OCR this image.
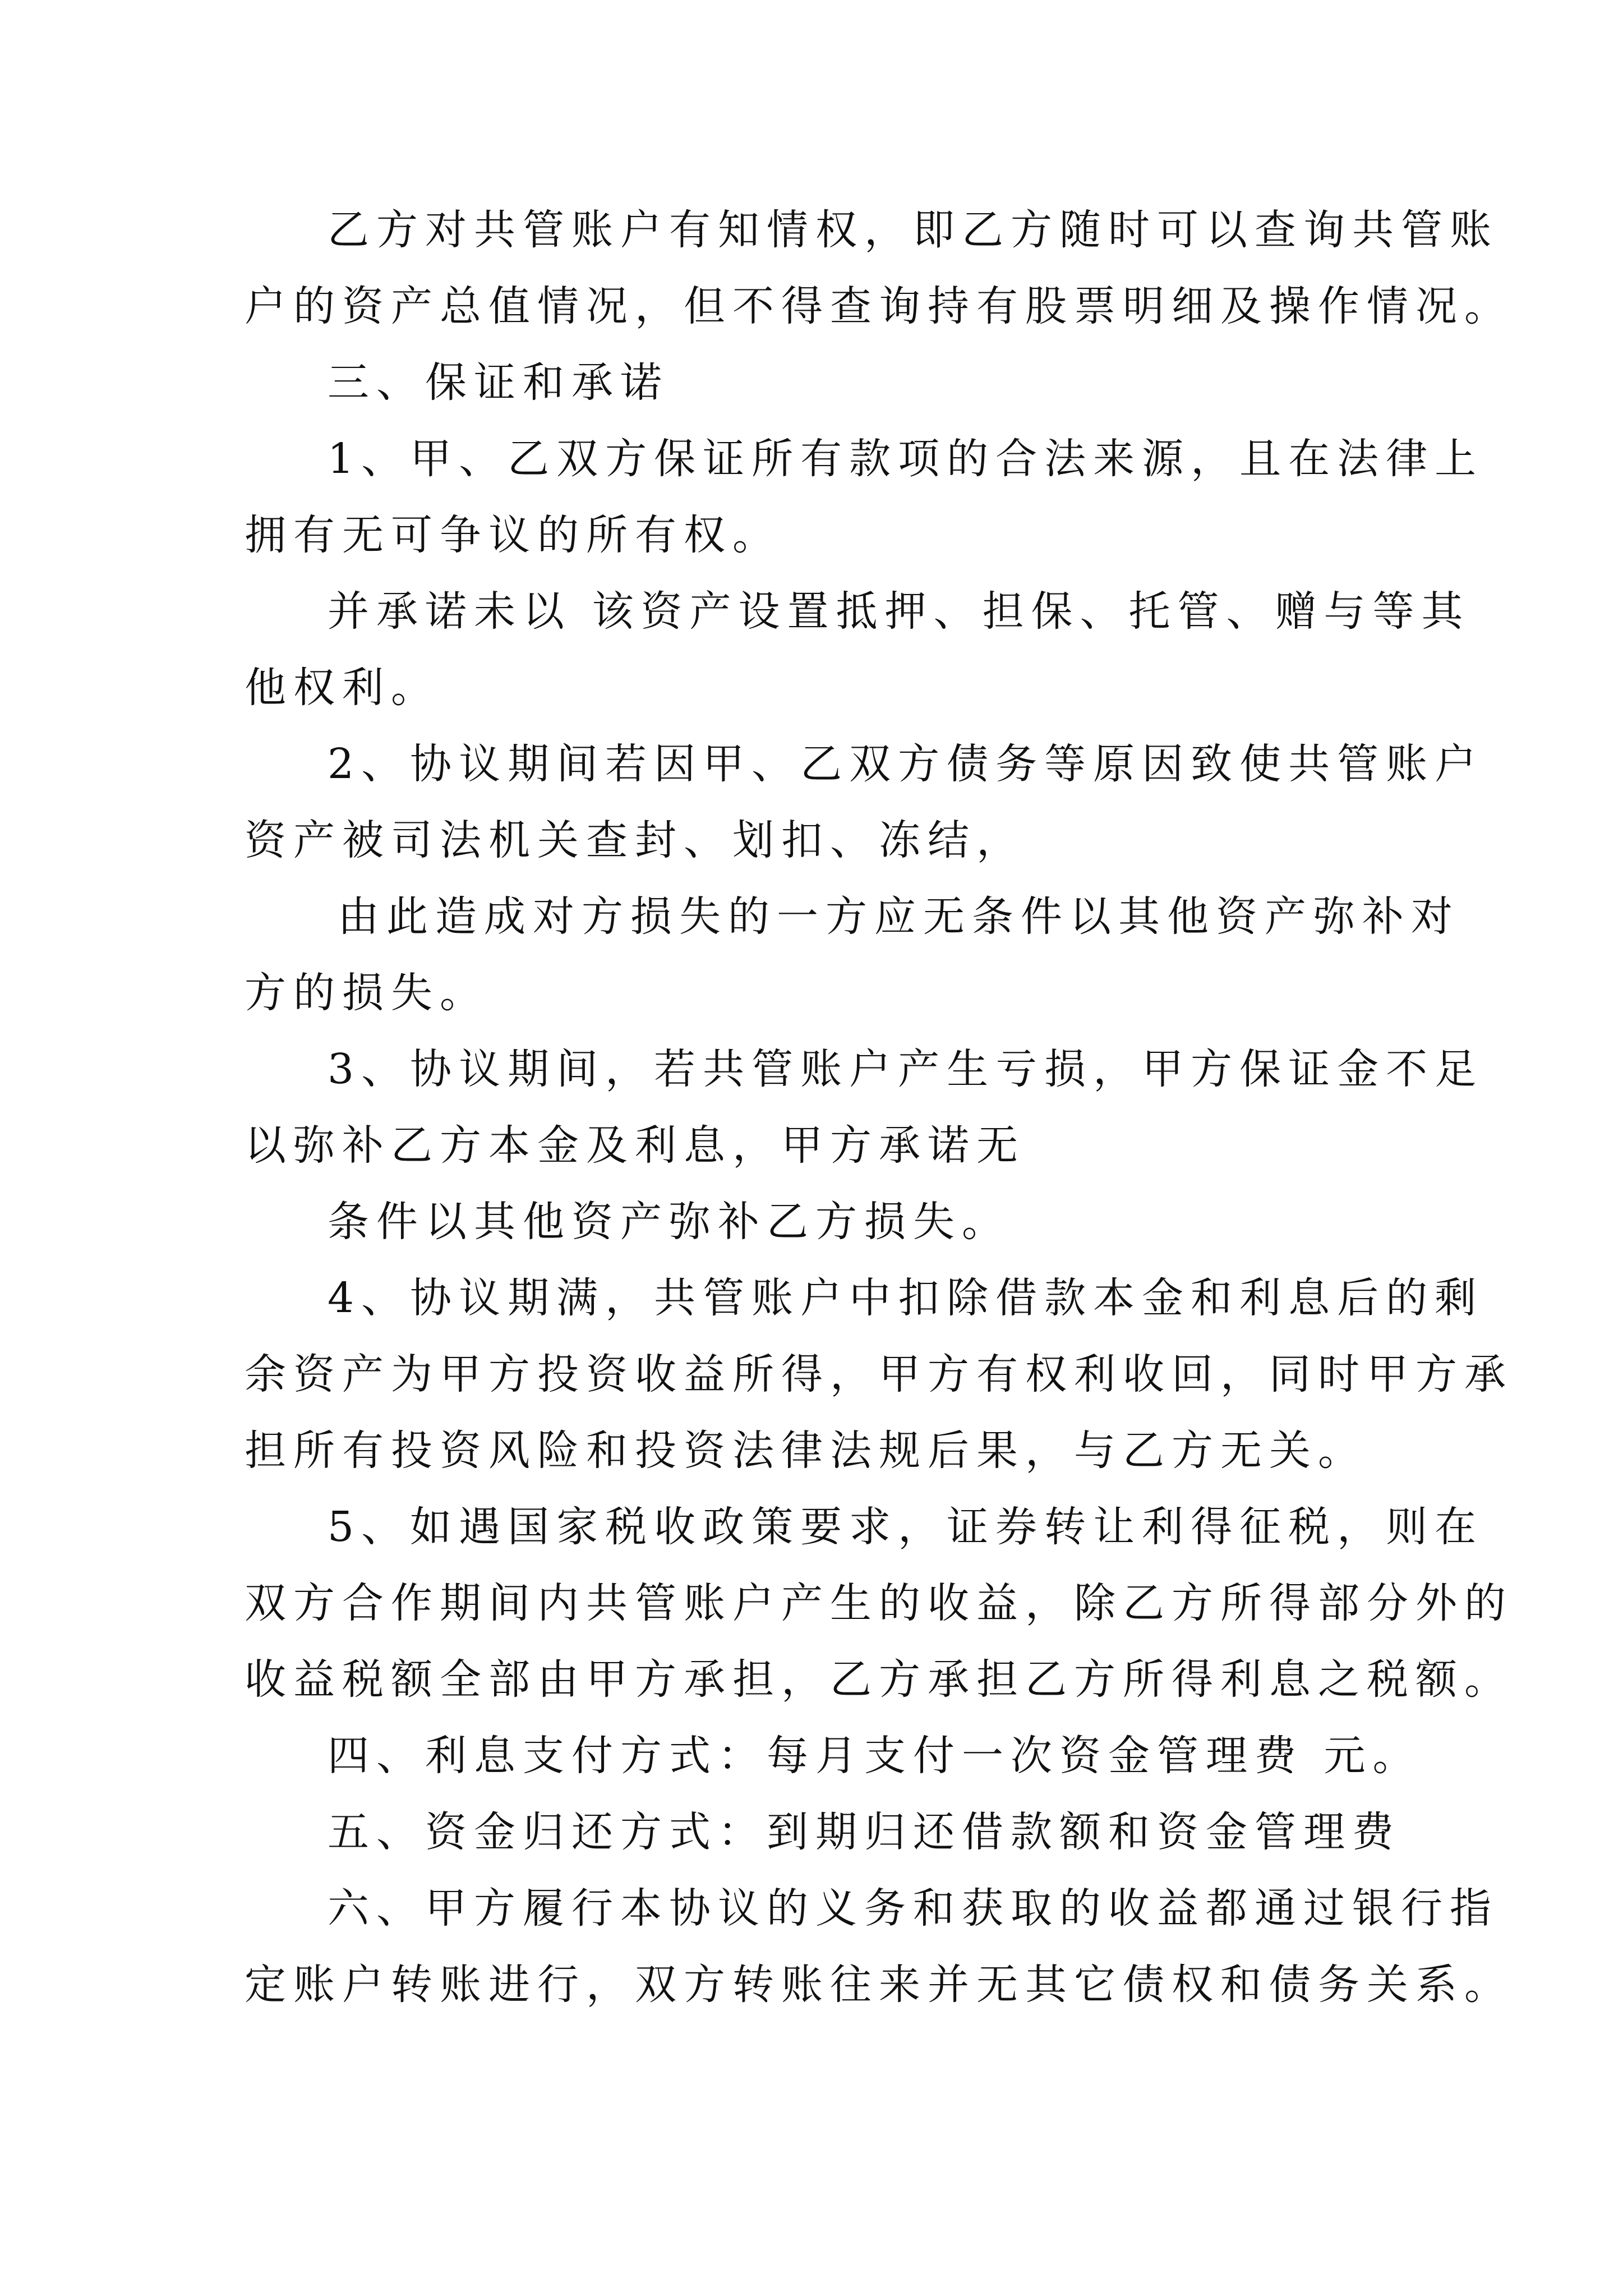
乙方对共管账户有知情权，即乙方随时可以查询共管账
户的资产总值情况，但不得查询持有股票明细及操作情况。
三、保证和承诺
1、甲、乙双方保证所有款项的合法来源，且在法律上
拥有无可争议的所有权。
并承诺未以 该资产设置抵押、担保、托管、赠与等其
他权利。
2、协议期间若因甲、乙双方债务等原因致使共管账户
资产被司法机关查封、划扣、冻结，
由此造成对方损失的一方应无条件以其他资产弥补对
方的损失。
3、协议期间，若共管账户产生亏损，甲方保证金不足
以弥补乙方本金及利息，甲方承诺无
条件以其他资产弥补乙方损失。
4、协议期满，共管账户中扣除借款本金和利息后的剩
余资产为甲方投资收益所得，甲方有权利收回，同时甲方承
担所有投资风险和投资法律法规后果，与乙方无关。
5、如遇国家税收政策要求，证券转让利得征税，则在
双方合作期间内共管账户产生的收益，除乙方所得部分外的
收益税额全部由甲方承担，乙方承担乙方所得利息之税额。
四、利息支付方式：每月支付一次资金管理费 元。
五、资金归还方式：到期归还借款额和资金管理费
六、甲方履行本协议的义务和获取的收益都通过银行指
定账户转账进行，双方转账往来并无其它债权和债务关系。
